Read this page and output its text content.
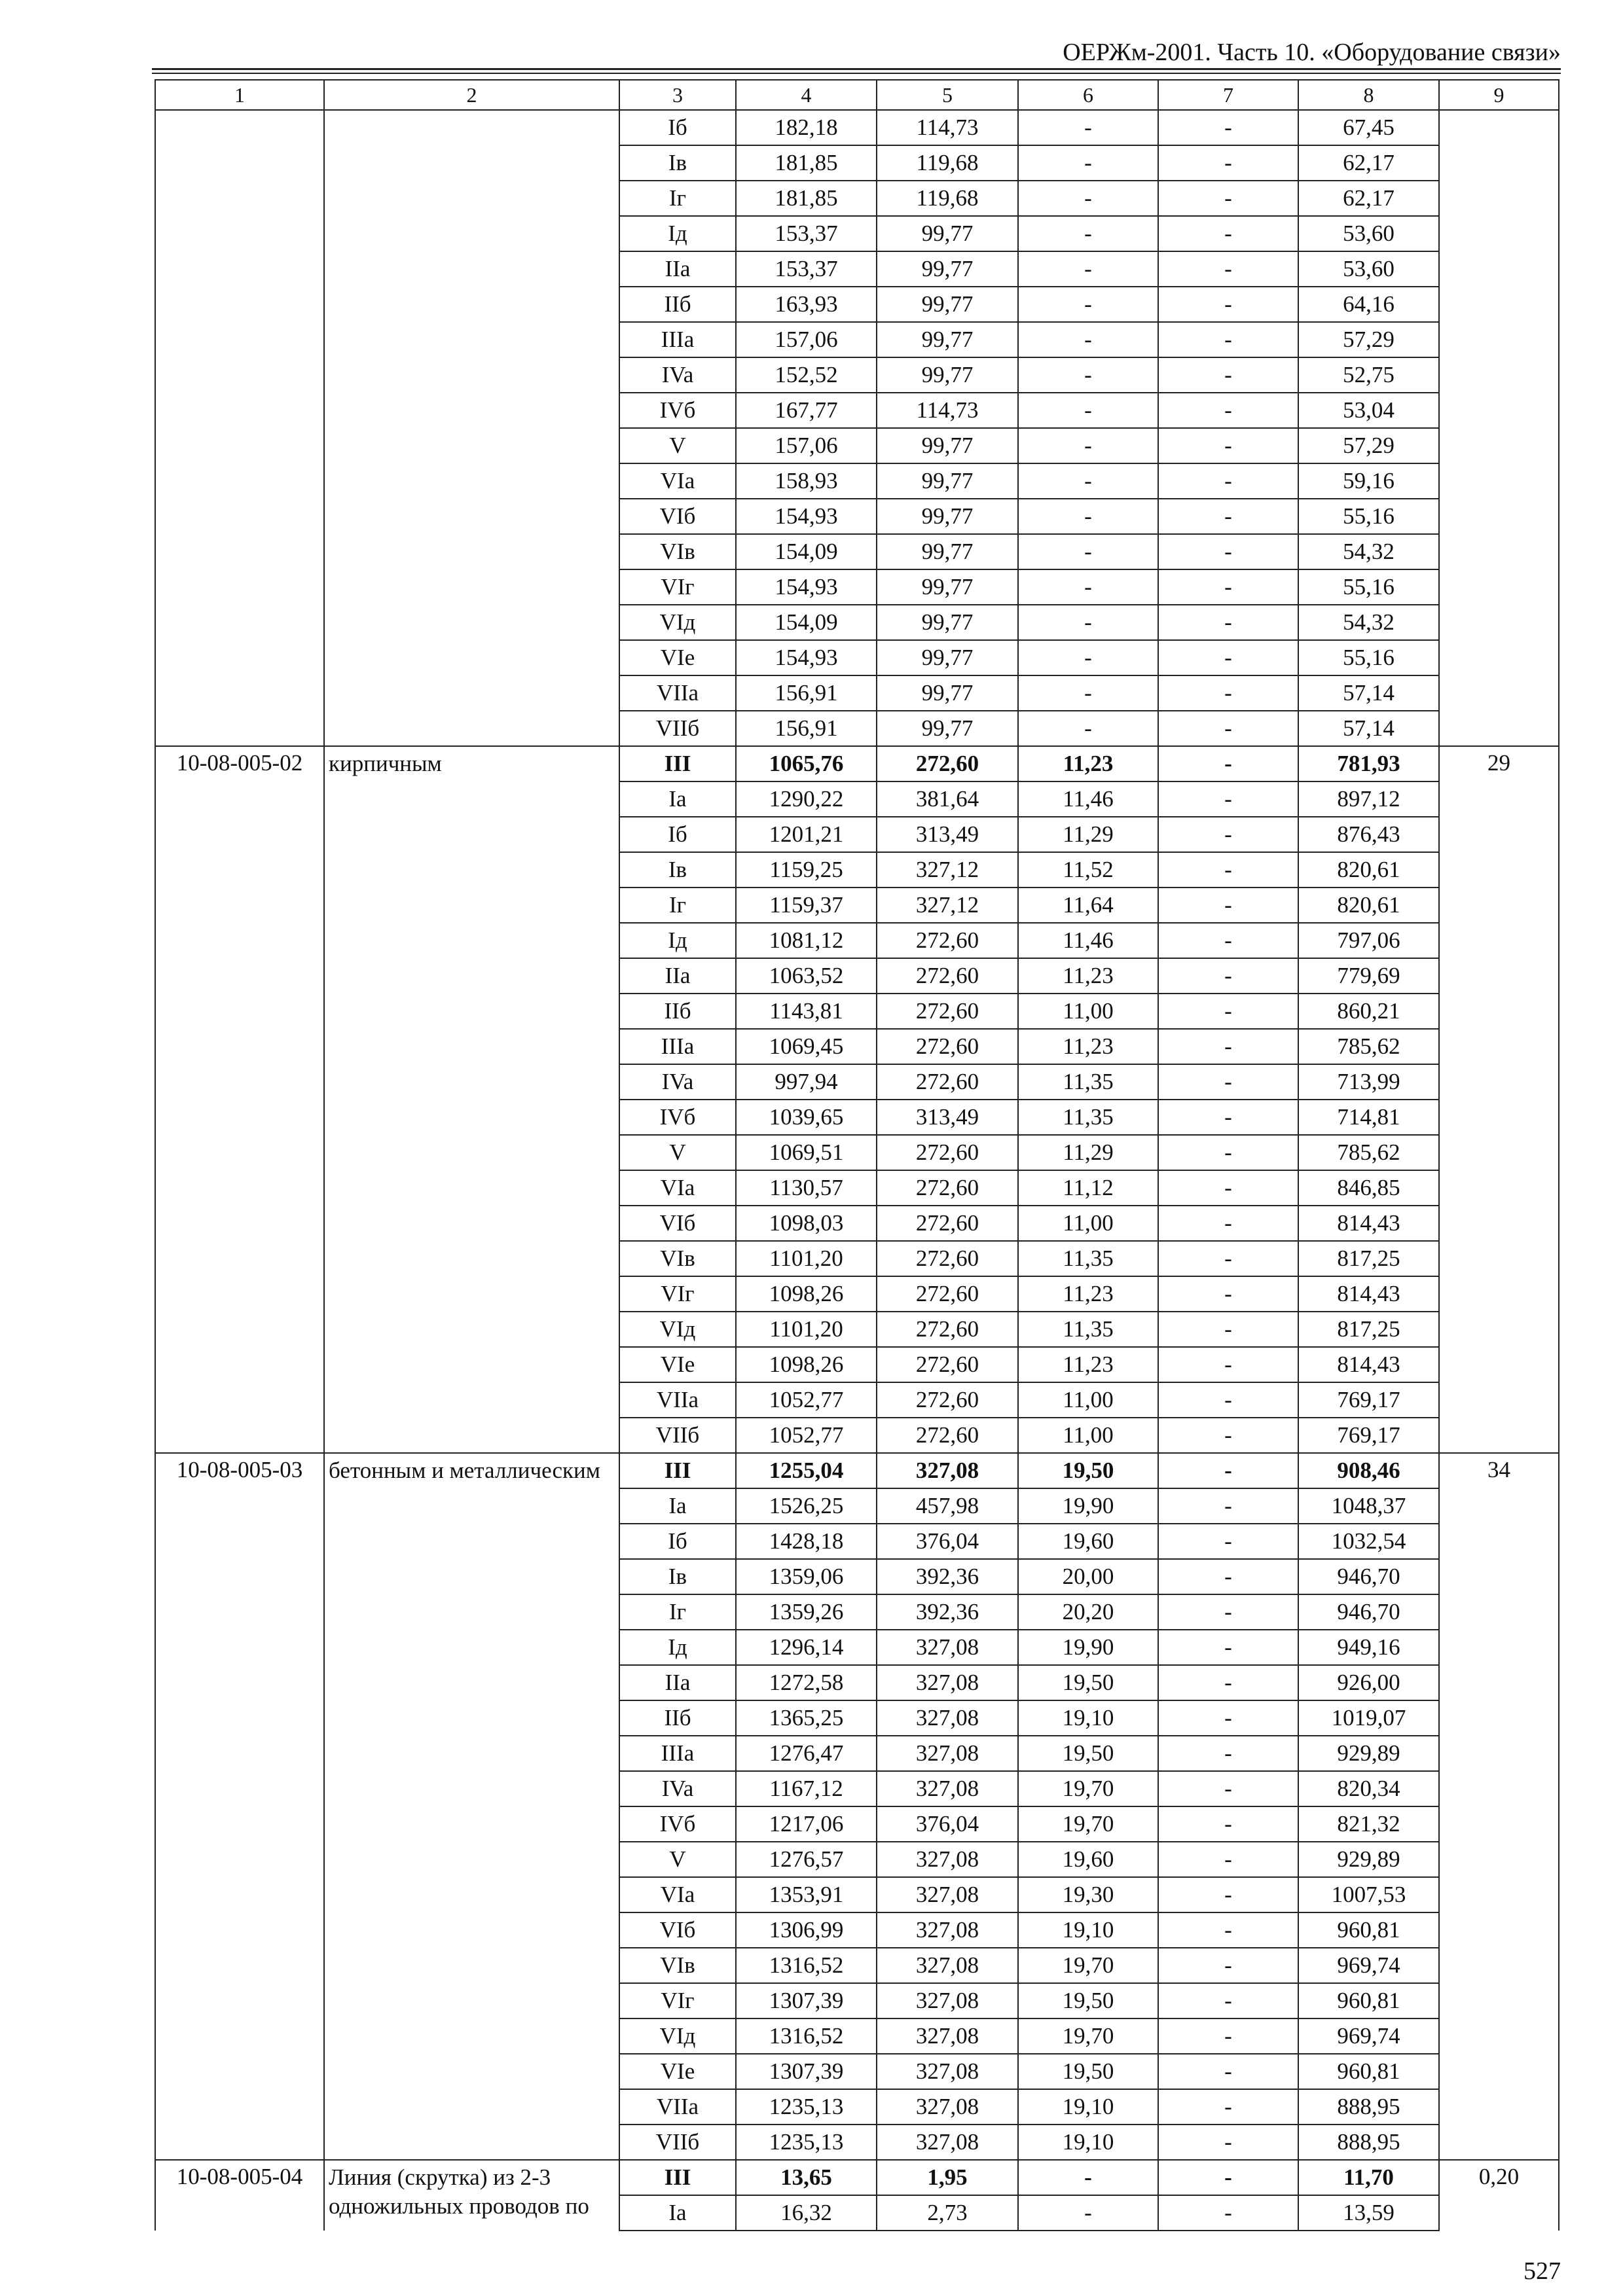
ОЕРЖм-2001. Часть 10. «Оборудование связи»
1	2	3	4	5	6	7	8	9
		Iб	182,18	114,73	-	-	67,45	
		Iв	181,85	119,68	-	-	62,17	
		Iг	181,85	119,68	-	-	62,17	
		Iд	153,37	99,77	-	-	53,60	
		IIa	153,37	99,77	-	-	53,60	
		IIб	163,93	99,77	-	-	64,16	
		IIIa	157,06	99,77	-	-	57,29	
		IVa	152,52	99,77	-	-	52,75	
		IVб	167,77	114,73	-	-	53,04	
		V	157,06	99,77	-	-	57,29	
		VIa	158,93	99,77	-	-	59,16	
		VIб	154,93	99,77	-	-	55,16	
		VIв	154,09	99,77	-	-	54,32	
		VIг	154,93	99,77	-	-	55,16	
		VIд	154,09	99,77	-	-	54,32	
		VIe	154,93	99,77	-	-	55,16	
		VIIa	156,91	99,77	-	-	57,14	
		VIIб	156,91	99,77	-	-	57,14	
10-08-005-02	кирпичным	III	1065,76	272,60	11,23	-	781,93	29
		Ia	1290,22	381,64	11,46	-	897,12	
		Iб	1201,21	313,49	11,29	-	876,43	
		Iв	1159,25	327,12	11,52	-	820,61	
		Iг	1159,37	327,12	11,64	-	820,61	
		Iд	1081,12	272,60	11,46	-	797,06	
		IIa	1063,52	272,60	11,23	-	779,69	
		IIб	1143,81	272,60	11,00	-	860,21	
		IIIa	1069,45	272,60	11,23	-	785,62	
		IVa	997,94	272,60	11,35	-	713,99	
		IVб	1039,65	313,49	11,35	-	714,81	
		V	1069,51	272,60	11,29	-	785,62	
		VIa	1130,57	272,60	11,12	-	846,85	
		VIб	1098,03	272,60	11,00	-	814,43	
		VIв	1101,20	272,60	11,35	-	817,25	
		VIг	1098,26	272,60	11,23	-	814,43	
		VIд	1101,20	272,60	11,35	-	817,25	
		VIe	1098,26	272,60	11,23	-	814,43	
		VIIa	1052,77	272,60	11,00	-	769,17	
		VIIб	1052,77	272,60	11,00	-	769,17	
10-08-005-03	бетонным и металлическим	III	1255,04	327,08	19,50	-	908,46	34
		Ia	1526,25	457,98	19,90	-	1048,37	
		Iб	1428,18	376,04	19,60	-	1032,54	
		Iв	1359,06	392,36	20,00	-	946,70	
		Iг	1359,26	392,36	20,20	-	946,70	
		Iд	1296,14	327,08	19,90	-	949,16	
		IIa	1272,58	327,08	19,50	-	926,00	
		IIб	1365,25	327,08	19,10	-	1019,07	
		IIIa	1276,47	327,08	19,50	-	929,89	
		IVa	1167,12	327,08	19,70	-	820,34	
		IVб	1217,06	376,04	19,70	-	821,32	
		V	1276,57	327,08	19,60	-	929,89	
		VIa	1353,91	327,08	19,30	-	1007,53	
		VIб	1306,99	327,08	19,10	-	960,81	
		VIв	1316,52	327,08	19,70	-	969,74	
		VIг	1307,39	327,08	19,50	-	960,81	
		VIд	1316,52	327,08	19,70	-	969,74	
		VIe	1307,39	327,08	19,50	-	960,81	
		VIIa	1235,13	327,08	19,10	-	888,95	
		VIIб	1235,13	327,08	19,10	-	888,95	
10-08-005-04	Линия (скрутка) из 2-3 одножильных проводов по	III	13,65	1,95	-	-	11,70	0,20
		Ia	16,32	2,73	-	-	13,59	
527
